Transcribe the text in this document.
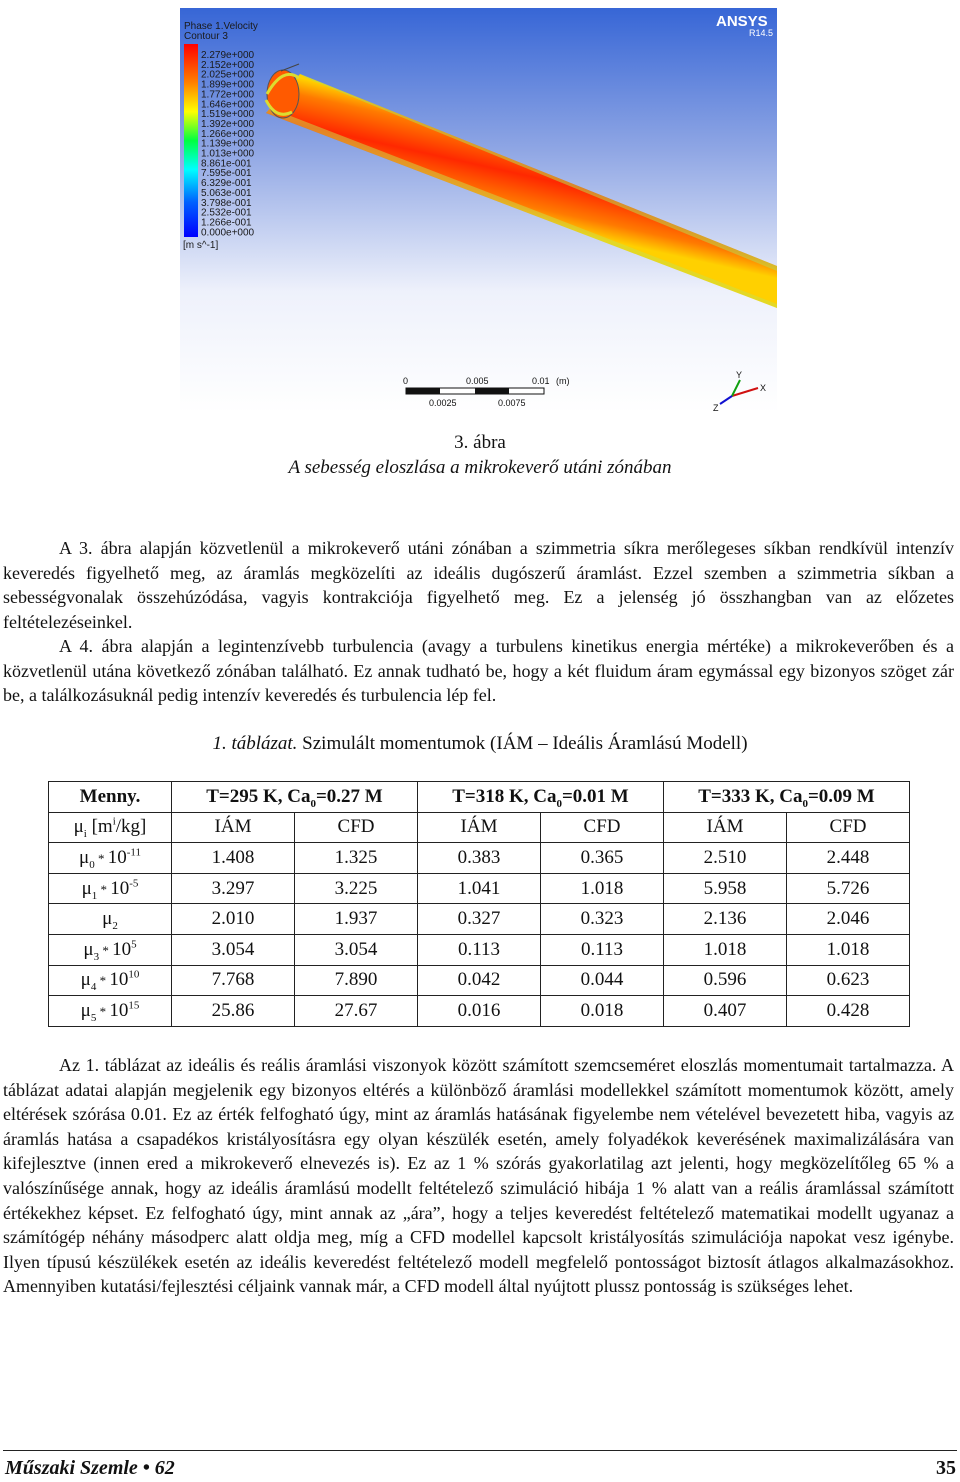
Phase 1.Velocity
Contour 3
2.279e+000
2.152e+000
2.025e+000
1.899e+000
1.772e+000
1.646e+000
1.519e+000
1.392e+000
1.266e+000
1.139e+000
1.013e+000
8.861e-001
7.595e-001
6.329e-001
5.063e-001
3.798e-001
2.532e-001
1.266e-001
0.000e+000
[m s^-1]
ANSYS
R14.5
0	0.005	0.01 (m)
0.0025	0.0075
X
Y
Z
3. ábra
A sebesség eloszlása a mikrokeverő utáni zónában

A 3. ábra alapján közvetlenül a mikrokeverő utáni zónában a szimmetria síkra merőlegeses síkban rendkívül intenzív keveredés figyelhető meg, az áramlás megközelíti az ideális dugószerű áramlást. Ezzel szemben a szimmetria síkban a sebességvonalak összehúzódása, vagyis kontrakciója figyelhető meg. Ez a jelenség jó összhangban van az előzetes feltételezéseinkel.

A 4. ábra alapján a legintenzívebb turbulencia (avagy a turbulens kinetikus energia mértéke) a mikrokeverőben és a közvetlenül utána következő zónában található. Ez annak tudható be, hogy a két fluidum áram egymással egy bizonyos szöget zár be, a találkozásuknál pedig intenzív keveredés és turbulencia lép fel.

1. táblázat. Szimulált momentumok (IÁM – Ideális Áramlású Modell)
Menny.	T=295 K, $Ca_0=0.27$ M		T=318 K, $Ca_0=0.01$ M		T=333 K, $Ca_0=0.09$ M	
$\mu_i$ $[m^i/kg]$	IÁM	CFD	IÁM	CFD	IÁM	CFD
$\mu_0 * 10^{-11}$	1.408	1.325	0.383	0.365	2.510	2.448
$\mu_1 * 10^{-5}$	3.297	3.225	1.041	1.018	5.958	5.726
$\mu_2$	2.010	1.937	0.327	0.323	2.136	2.046
$\mu_3 * 10^5$	3.054	3.054	0.113	0.113	1.018	1.018
$\mu_4 * 10^{10}$	7.768	7.890	0.042	0.044	0.596	0.623
$\mu_5 * 10^{15}$	25.86	27.67	0.016	0.018	0.407	0.428

Az 1. táblázat az ideális és reális áramlási viszonyok között számított szemcseméret eloszlás momentumait tartalmazza. A táblázat adatai alapján megjelenik egy bizonyos eltérés a különböző áramlási modellekkel számított momentumok között, amely eltérések szórása 0.01. Ez az érték felfogható úgy, mint az áramlás hatásának figyelembe nem vételével bevezetett hiba, vagyis az áramlás hatása a csapadékos kristályosításra egy olyan készülék esetén, amely folyadékok keverésének maximalizálására van kifejlesztve (innen ered a mikrokeverő elnevezés is). Ez az 1 % szórás gyakorlatilag azt jelenti, hogy megközelítőleg 65 % a valószínűsége annak, hogy az ideális áramlású modellt feltételező szimuláció hibája 1 % alatt van a reális áramlással számított értékekhez képset. Ez felfogható úgy, mint annak az „ára”, hogy a teljes keveredést feltételező matematikai modellt ugyanaz a számítógép néhány másodperc alatt oldja meg, míg a CFD modellel kapcsolt kristályosítás szimulációja napokat vesz igénybe. Ilyen típusú készülékek esetén az ideális keveredést feltételező modell megfelelő pontosságot biztosít átlagos alkalmazásokhoz. Amennyiben kutatási/fejlesztési céljaink vannak már, a CFD modell által nyújtott plussz pontosság is szükséges lehet.

Műszaki Szemle • 62	35
